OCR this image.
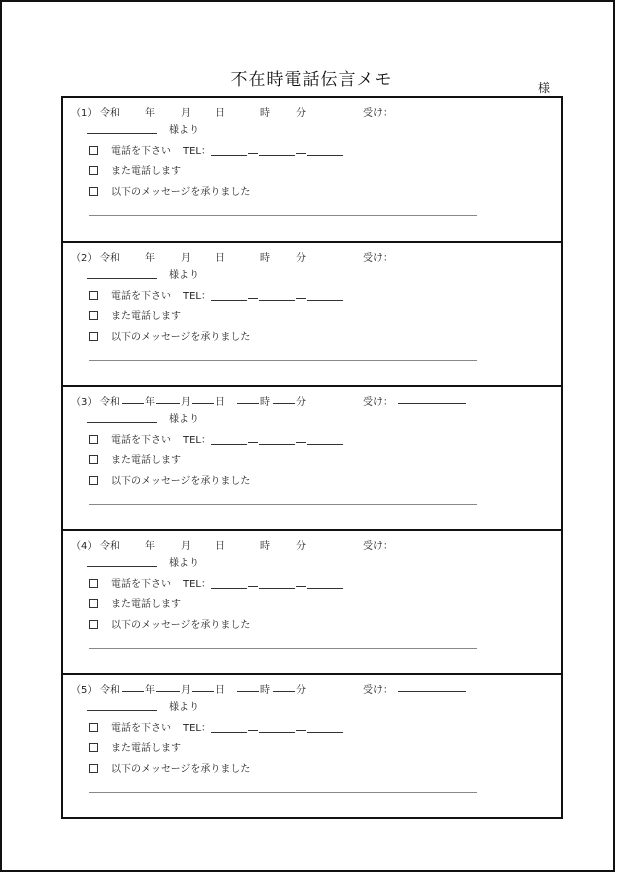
不在時電話伝言メモ	様
（1） 令和	年	月 日	時	分	受け：
様より
電話を下さい TEL：
また電話します
以下のメッセージを承りました
（2） 令和	年	月 日	時	分	受け：
様より
電話を下さい TEL：
また電話します
以下のメッセージを承りました
（3） 令和	年	月 日	時	分	受け：
様より
電話を下さい TEL：
また電話します
以下のメッセージを承りました
（4） 令和	年	月 日	時	分	受け：
様より
電話を下さい TEL：
また電話します
以下のメッセージを承りました
（5） 令和	年	月 日	時	分	受け：
様より
電話を下さい TEL：
また電話します
以下のメッセージを承りました
